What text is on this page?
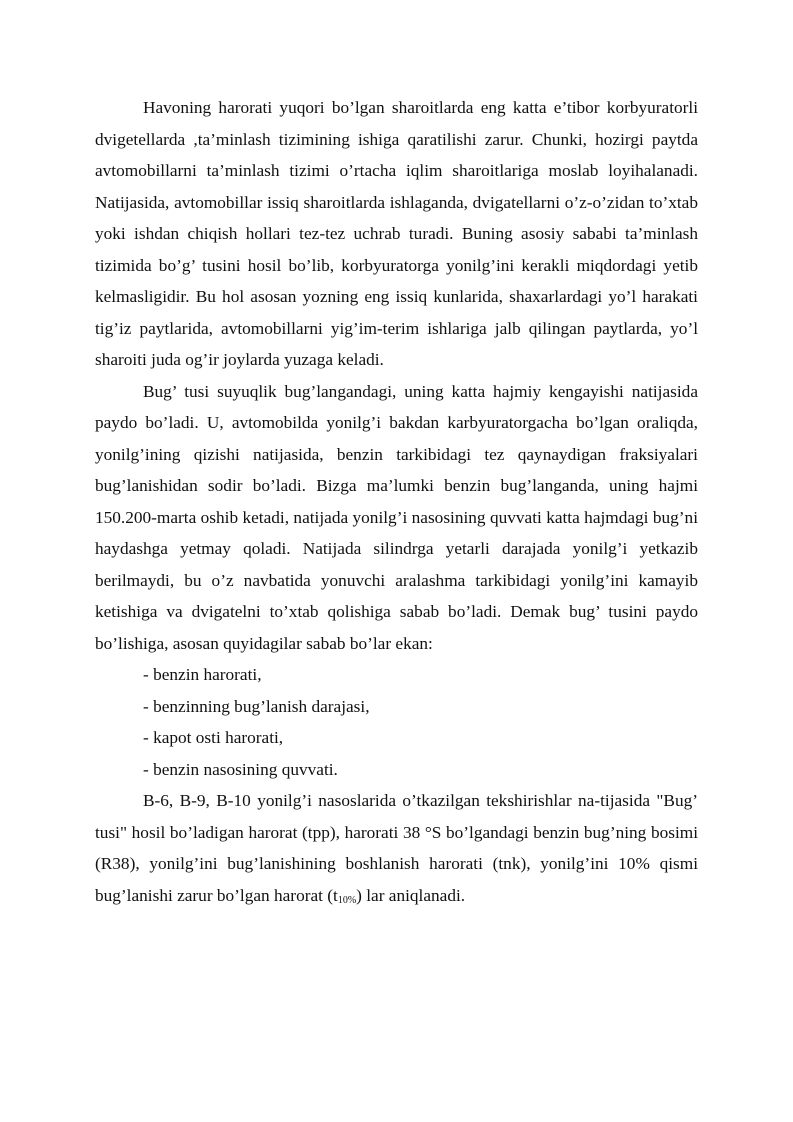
Havoning harorati yuqori bo’lgan sharoitlarda eng katta e’tibor korbyuratorli dvigetellarda ,ta’minlash tizimining ishiga qaratilishi zarur. Chunki, hozirgi paytda avtomobillarni ta’minlash tizimi o’rtacha iqlim sharoitlariga moslab loyihalanadi. Natijasida, avtomobillar issiq sharoitlarda ishlaganda, dvigatellarni o’z-o’zidan to’xtab yoki ishdan chiqish hollari tez-tez uchrab turadi. Buning asosiy sababi ta’minlash tizimida bo’g’ tusini hosil bo’lib, korbyuratorga yonilg’ini kerakli miqdordagi yetib kelmasligidir. Bu hol asosan yozning eng issiq kunlarida, shaxarlardagi yo’l harakati tig’iz paytlarida, avtomobillarni yig’im-terim ishlariga jalb qilingan paytlarda, yo’l sharoiti juda og’ir joylarda yuzaga keladi.

Bug’ tusi suyuqlik bug’langandagi, uning katta hajmiy kengayishi natijasida paydo bo’ladi. U, avtomobilda yonilg’i bakdan karbyuratorgacha bo’lgan oraliqda, yonilg’ining qizishi natijasida, benzin tarkibidagi tez qaynaydigan fraksiyalari bug’lanishidan sodir bo’ladi. Bizga ma’lumki benzin bug’langanda, uning hajmi 150.200-marta oshib ketadi, natijada yonilg’i nasosining quvvati katta hajmdagi bug’ni haydashga yetmay qoladi. Natijada silindrga yetarli darajada yonilg’i yetkazib berilmaydi, bu o’z navbatida yonuvchi aralashma tarkibidagi yonilg’ini kamayib ketishiga va dvigatelni to’xtab qolishiga sabab bo’ladi. Demak bug’ tusini paydo bo’lishiga, asosan quyidagilar sabab bo’lar ekan:

- benzin harorati,

- benzinning bug’lanish darajasi,

- kapot osti harorati,

- benzin nasosining quvvati.

B-6, B-9, B-10 yonilg’i nasoslarida o’tkazilgan tekshirishlar na-tijasida "Bug’ tusi" hosil bo’ladigan harorat (tpp), harorati 38 °S bo’lgandagi benzin bug’ning bosimi (R38), yonilg’ini bug’lanishining boshlanish harorati (tnk), yonilg’ini 10% qismi bug’lanishi zarur bo’lgan harorat $(t_{10\%})$ lar aniqlanadi.
